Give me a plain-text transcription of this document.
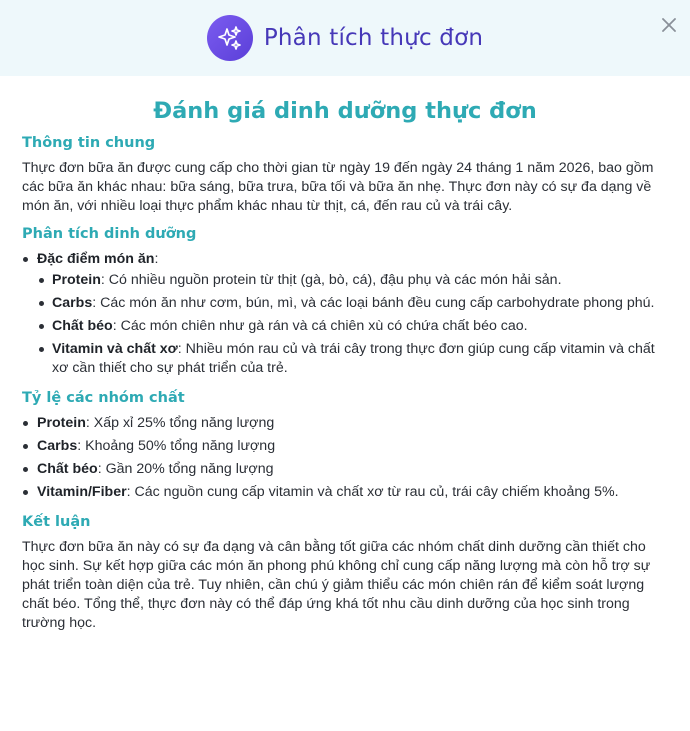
Phân tích thực đơn
Đánh giá dinh dưỡng thực đơn
Thông tin chung

Thực đơn bữa ăn được cung cấp cho thời gian từ ngày 19 đến ngày 24 tháng 1 năm 2026, bao gồm các bữa ăn khác nhau: bữa sáng, bữa trưa, bữa tối và bữa ăn nhẹ. Thực đơn này có sự đa dạng về món ăn, với nhiều loại thực phẩm khác nhau từ thịt, cá, đến rau củ và trái cây.

Phân tích dinh dưỡng
Đặc điểm món ăn:
Protein: Có nhiều nguồn protein từ thịt (gà, bò, cá), đậu phụ và các món hải sản.
Carbs: Các món ăn như cơm, bún, mì, và các loại bánh đều cung cấp carbohydrate phong phú.
Chất béo: Các món chiên như gà rán và cá chiên xù có chứa chất béo cao.
Vitamin và chất xơ: Nhiều món rau củ và trái cây trong thực đơn giúp cung cấp vitamin và chất xơ cần thiết cho sự phát triển của trẻ.
Tỷ lệ các nhóm chất
Protein: Xấp xỉ 25% tổng năng lượng
Carbs: Khoảng 50% tổng năng lượng
Chất béo: Gần 20% tổng năng lượng
Vitamin/Fiber: Các nguồn cung cấp vitamin và chất xơ từ rau củ, trái cây chiếm khoảng 5%.
Kết luận

Thực đơn bữa ăn này có sự đa dạng và cân bằng tốt giữa các nhóm chất dinh dưỡng cần thiết cho học sinh. Sự kết hợp giữa các món ăn phong phú không chỉ cung cấp năng lượng mà còn hỗ trợ sự phát triển toàn diện của trẻ. Tuy nhiên, cần chú ý giảm thiểu các món chiên rán để kiểm soát lượng chất béo. Tổng thể, thực đơn này có thể đáp ứng khá tốt nhu cầu dinh dưỡng của học sinh trong trường học.
